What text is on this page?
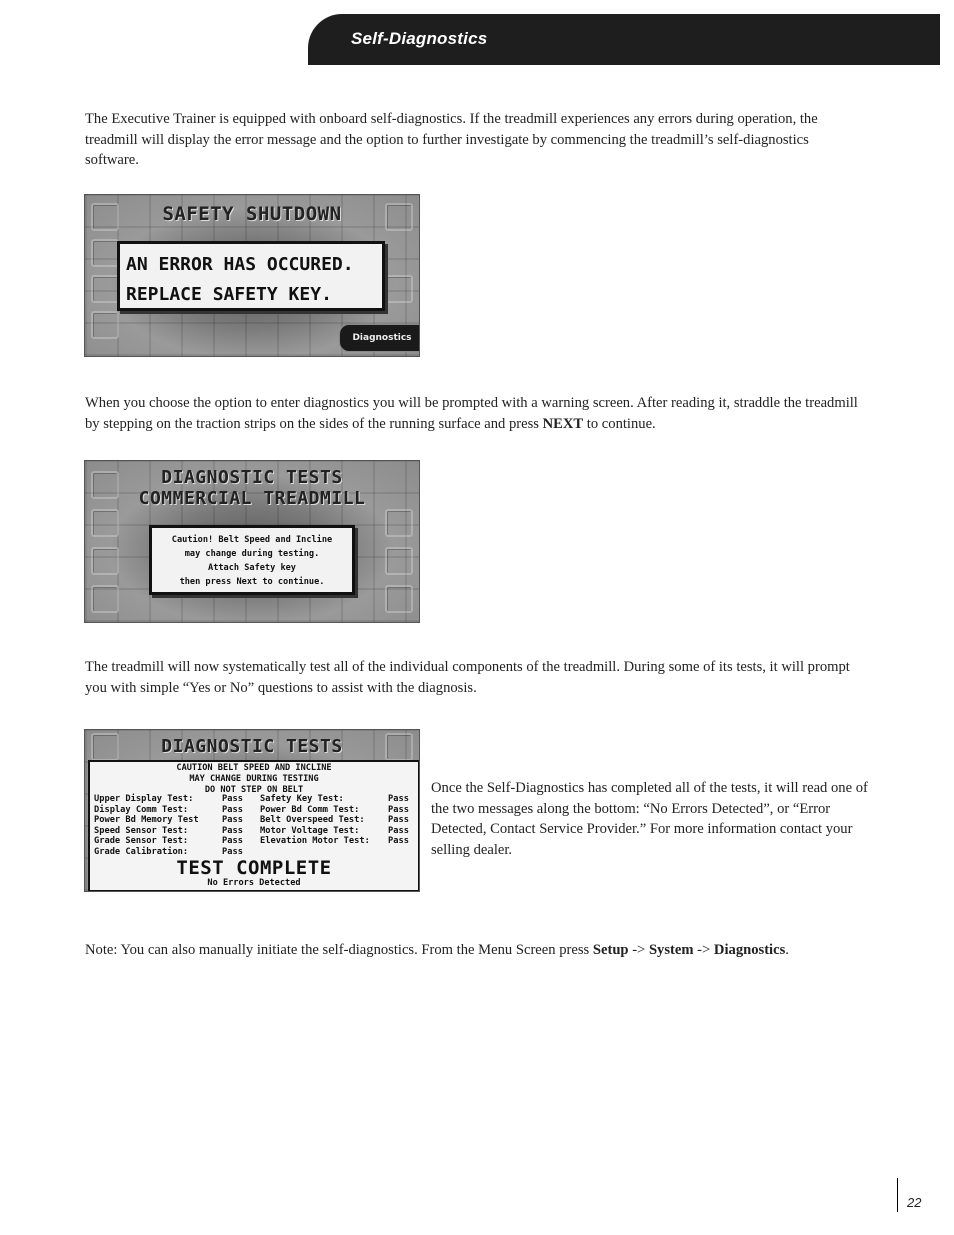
Self-Diagnostics

The Executive Trainer is equipped with onboard self-diagnostics. If the treadmill experiences any errors during operation, the treadmill will display the error message and the option to further investigate by commencing the treadmill’s self-diagnostics software.

SAFETY SHUTDOWN
AN ERROR HAS OCCURED.
REPLACE SAFETY KEY.
Diagnostics

When you choose the option to enter diagnostics you will be prompted with a warning screen. After reading it, straddle the treadmill by stepping on the traction strips on the sides of the running surface and press NEXT to continue.

DIAGNOSTIC TESTS
COMMERCIAL TREADMILL
Caution! Belt Speed and Incline
may change during testing.
Attach Safety key
then press Next to continue.

The treadmill will now systematically test all of the individual components of the treadmill. During some of its tests, it will prompt you with simple “Yes or No” questions to assist with the diagnosis.

DIAGNOSTIC TESTS
CAUTION BELT SPEED AND INCLINE
MAY CHANGE DURING TESTING
DO NOT STEP ON BELT
Upper Display Test:	Pass	Safety Key Test:	Pass
Display Comm Test:	Pass	Power Bd Comm Test:	Pass
Power Bd Memory Test	Pass	Belt Overspeed Test:	Pass
Speed Sensor Test:	Pass	Motor Voltage Test:	Pass
Grade Sensor Test:	Pass	Elevation Motor Test:	Pass
Grade Calibration:	Pass
TEST COMPLETE
No Errors Detected

Once the Self-Diagnostics has completed all of the tests, it will read one of the two messages along the bottom: “No Errors Detected”, or “Error Detected, Contact Service Provider.” For more information contact your selling dealer.

Note: You can also manually initiate the self-diagnostics. From the Menu Screen press Setup -> System -> Diagnostics.

22
